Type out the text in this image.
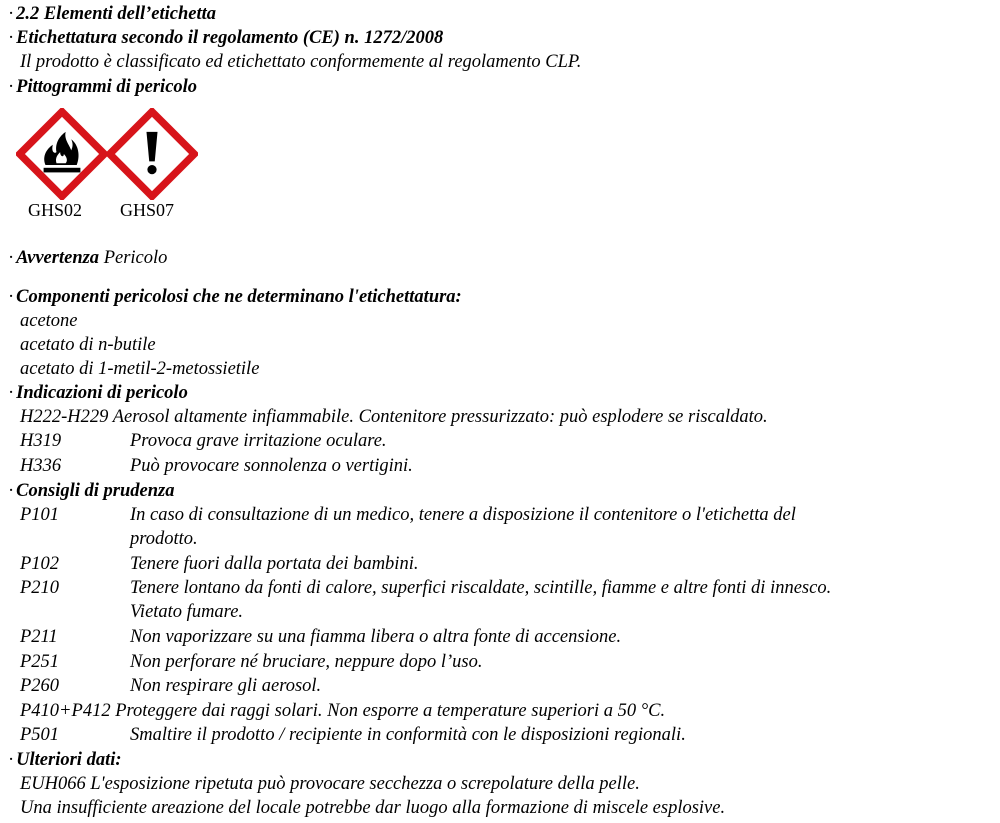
· 2.2 Elementi dell’etichetta
· Etichettatura secondo il regolamento (CE) n. 1272/2008
Il prodotto è classificato ed etichettato conformemente al regolamento CLP.
· Pittogrammi di pericolo
GHS02 GHS07
· Avvertenza Pericolo
· Componenti pericolosi che ne determinano l'etichettatura:
acetone
acetato di n-butile
acetato di 1-metil-2-metossietile
· Indicazioni di pericolo
H222-H229 Aerosol altamente infiammabile. Contenitore pressurizzato: può esplodere se riscaldato.
H319	Provoca grave irritazione oculare.
H336	Può provocare sonnolenza o vertigini.
· Consigli di prudenza
P101	In caso di consultazione di un medico, tenere a disposizione il contenitore o l'etichetta del
prodotto.
P102	Tenere fuori dalla portata dei bambini.
P210	Tenere lontano da fonti di calore, superfici riscaldate, scintille, fiamme e altre fonti di innesco.
Vietato fumare.
P211	Non vaporizzare su una fiamma libera o altra fonte di accensione.
P251	Non perforare né bruciare, neppure dopo l’uso.
P260	Non respirare gli aerosol.
P410+P412 Proteggere dai raggi solari. Non esporre a temperature superiori a 50 °C.
P501	Smaltire il prodotto / recipiente in conformità con le disposizioni regionali.
· Ulteriori dati:
EUH066 L'esposizione ripetuta può provocare secchezza o screpolature della pelle.
Una insufficiente areazione del locale potrebbe dar luogo alla formazione di miscele esplosive.
